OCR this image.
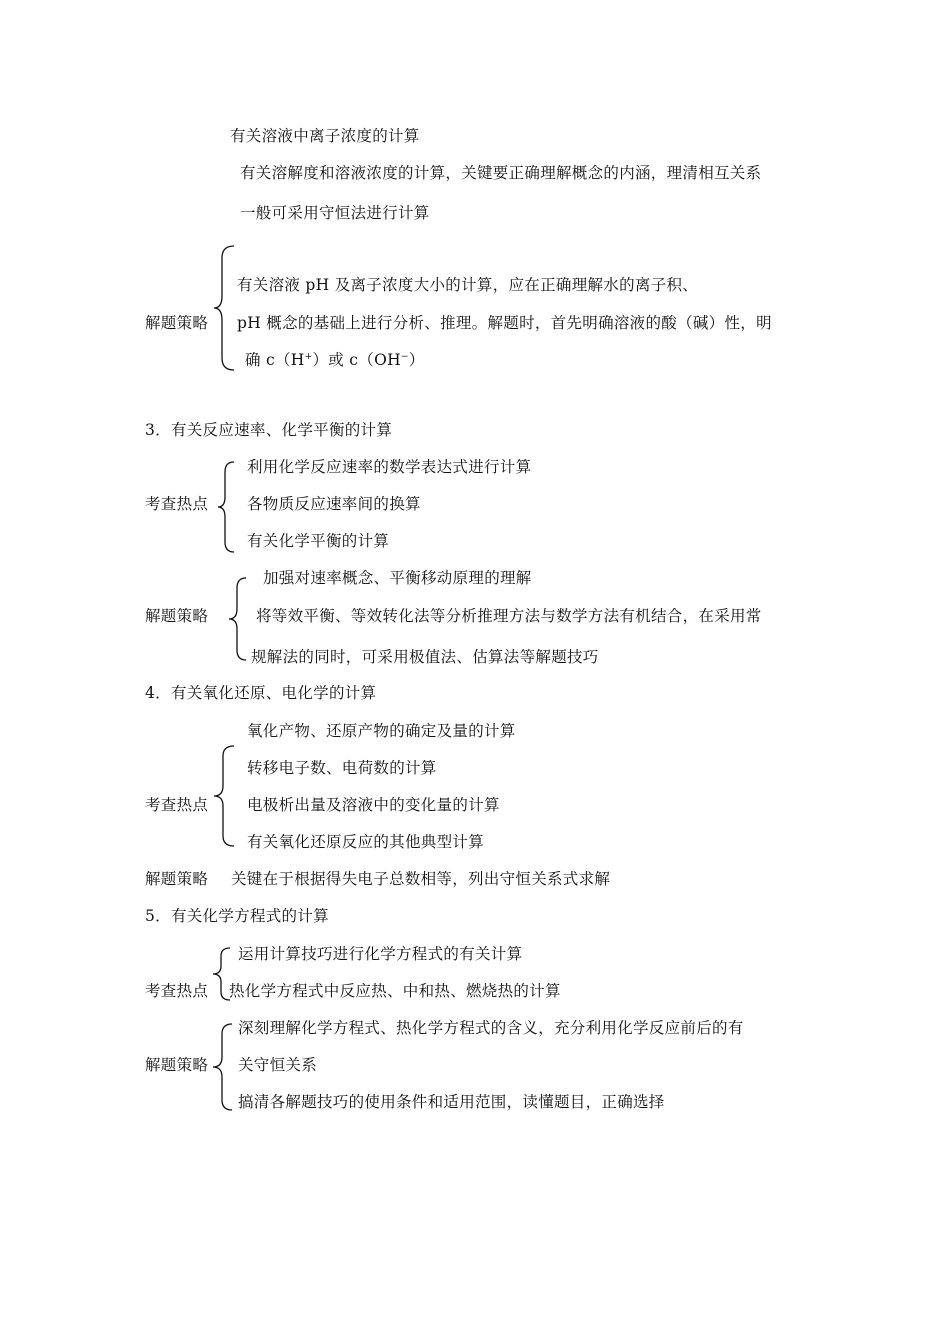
有关溶液中离子浓度的计算
有关溶解度和溶液浓度的计算，关键要正确理解概念的内涵，理清相互关系
一般可采用守恒法进行计算
解题策略
有关溶液 pH 及离子浓度大小的计算，应在正确理解水的离子积、
pH 概念的基础上进行分析、推理。解题时，首先明确溶液的酸（碱）性，明
确 c（H+）或 c（OH−）
3．有关反应速率、化学平衡的计算
考查热点
利用化学反应速率的数学表达式进行计算
各物质反应速率间的换算
有关化学平衡的计算
解题策略
加强对速率概念、平衡移动原理的理解
将等效平衡、等效转化法等分析推理方法与数学方法有机结合，在采用常
规解法的同时，可采用极值法、估算法等解题技巧
4．有关氧化还原、电化学的计算
考查热点
氧化产物、还原产物的确定及量的计算
转移电子数、电荷数的计算
电极析出量及溶液中的变化量的计算
有关氧化还原反应的其他典型计算
解题策略 关键在于根据得失电子总数相等，列出守恒关系式求解
5．有关化学方程式的计算
考查热点
运用计算技巧进行化学方程式的有关计算
热化学方程式中反应热、中和热、燃烧热的计算
解题策略
深刻理解化学方程式、热化学方程式的含义，充分利用化学反应前后的有
关守恒关系
搞清各解题技巧的使用条件和适用范围，读懂题目，正确选择
